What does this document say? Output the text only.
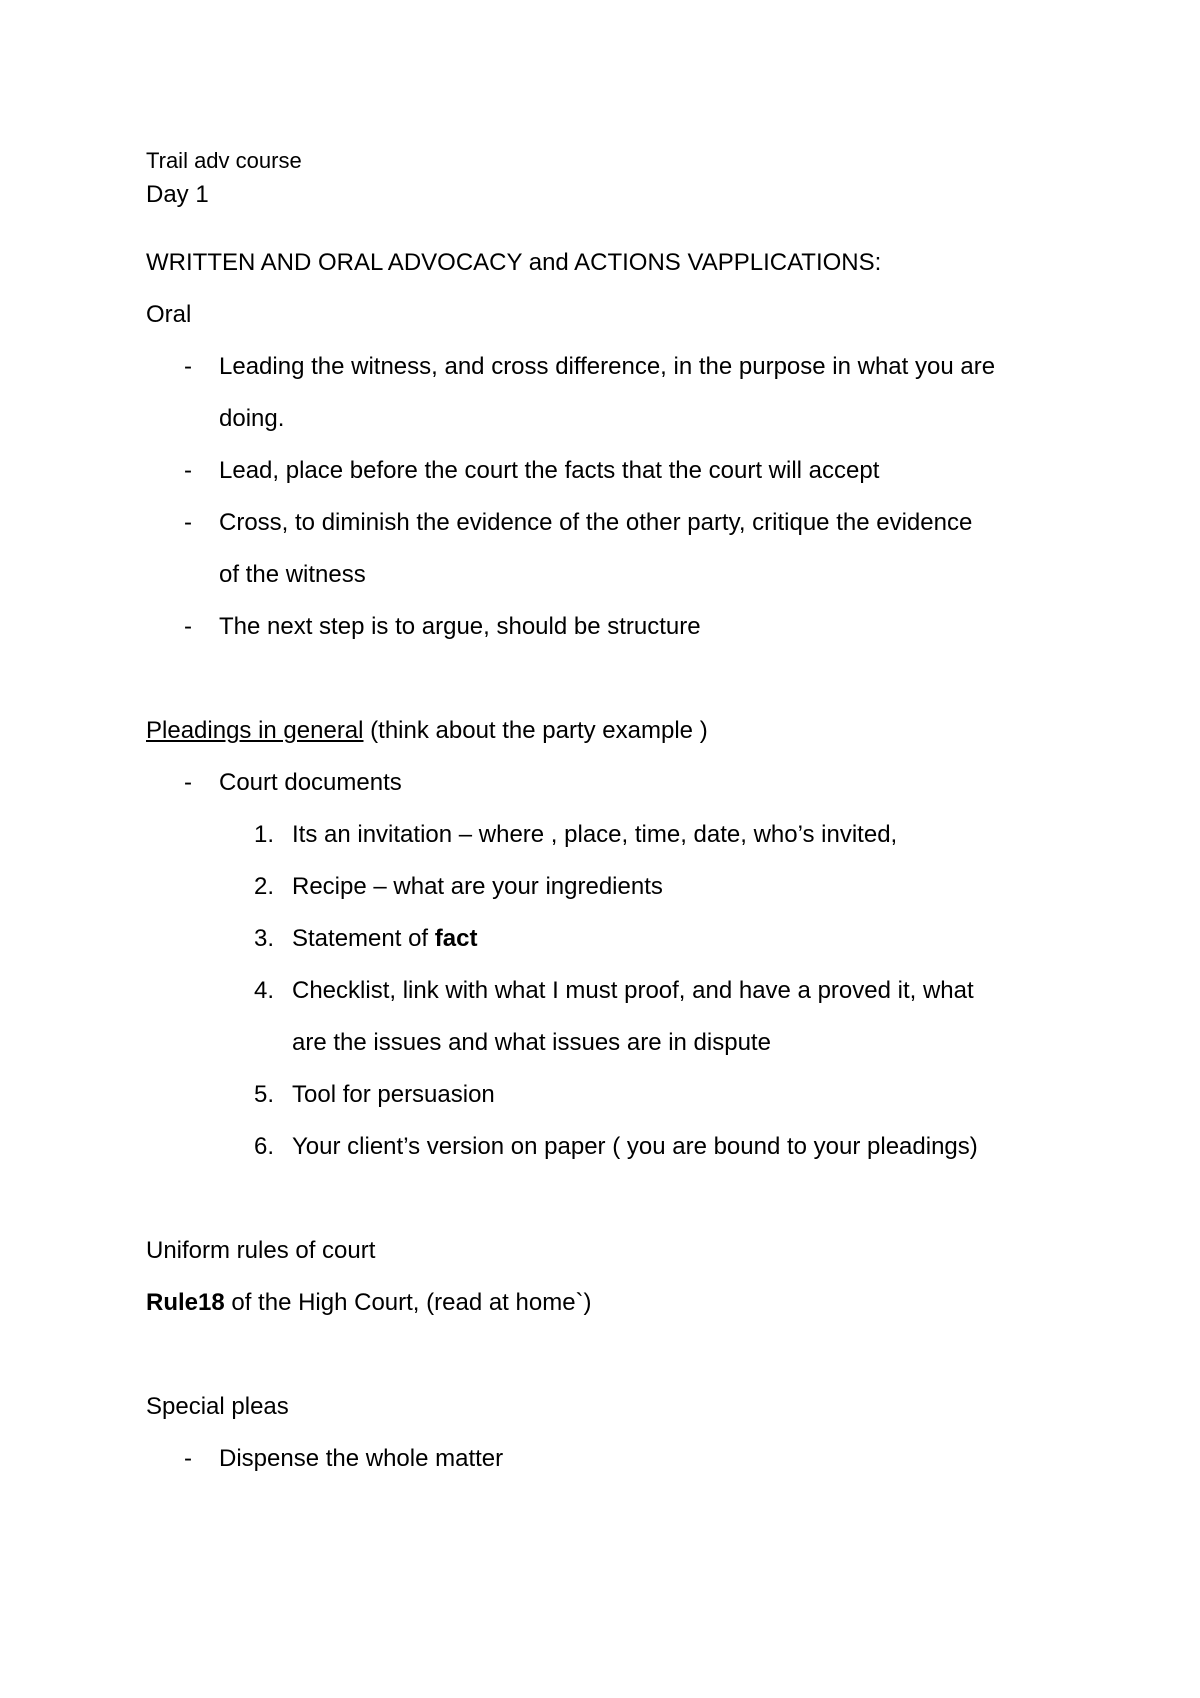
Trail adv course
Day 1
WRITTEN AND ORAL ADVOCACY and ACTIONS VAPPLICATIONS:
Oral
- Leading the witness, and cross difference, in the purpose in what you are
doing.
- Lead, place before the court the facts that the court will accept
- Cross, to diminish the evidence of the other party, critique the evidence
of the witness
- The next step is to argue, should be structure
Pleadings in general (think about the party example )
- Court documents
1. Its an invitation – where , place, time, date, who’s invited,
2. Recipe – what are your ingredients
3. Statement of fact
4. Checklist, link with what I must proof, and have a proved it, what
are the issues and what issues are in dispute
5. Tool for persuasion
6. Your client’s version on paper ( you are bound to your pleadings)
Uniform rules of court
Rule18 of the High Court, (read at home`)
Special pleas
- Dispense the whole matter
